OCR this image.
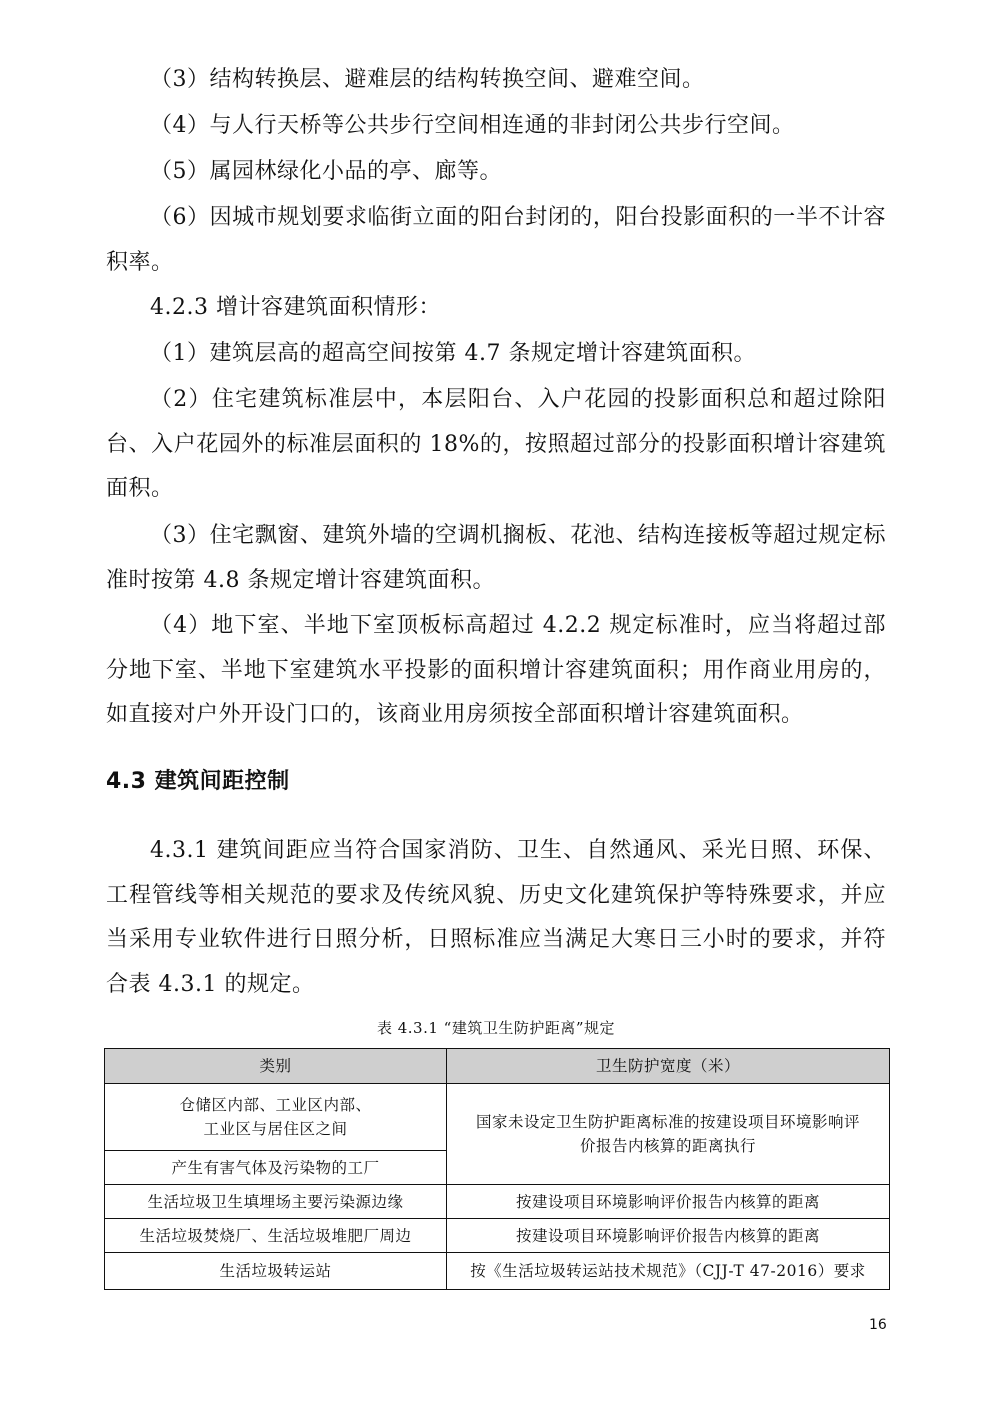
（3）结构转换层、避难层的结构转换空间、避难空间。

（4）与人行天桥等公共步行空间相连通的非封闭公共步行空间。

（5）属园林绿化小品的亭、廊等。

（6）因城市规划要求临街立面的阳台封闭的，阳台投影面积的一半不计容积率。

4.2.3 增计容建筑面积情形：

（1）建筑层高的超高空间按第 4.7 条规定增计容建筑面积。

（2）住宅建筑标准层中，本层阳台、入户花园的投影面积总和超过除阳台、入户花园外的标准层面积的 18%的，按照超过部分的投影面积增计容建筑面积。

（3）住宅飘窗、建筑外墙的空调机搁板、花池、结构连接板等超过规定标准时按第 4.8 条规定增计容建筑面积。

（4）地下室、半地下室顶板标高超过 4.2.2 规定标准时，应当将超过部分地下室、半地下室建筑水平投影的面积增计容建筑面积；用作商业用房的，如直接对户外开设门口的，该商业用房须按全部面积增计容建筑面积。

4.3 建筑间距控制

4.3.1 建筑间距应当符合国家消防、卫生、自然通风、采光日照、环保、工程管线等相关规范的要求及传统风貌、历史文化建筑保护等特殊要求，并应当采用专业软件进行日照分析，日照标准应当满足大寒日三小时的要求，并符合表 4.3.1 的规定。

表 4.3.1 “建筑卫生防护距离”规定

类别	卫生防护宽度（米）

仓储区内部、工业区内部、
工业区与居住区之间	国家未设定卫生防护距离标准的按建设项目环境影响评
价报告内核算的距离执行

产生有害气体及污染物的工厂	
生活垃圾卫生填埋场主要污染源边缘	按建设项目环境影响评价报告内核算的距离
生活垃圾焚烧厂、生活垃圾堆肥厂周边	按建设项目环境影响评价报告内核算的距离
生活垃圾转运站	按《生活垃圾转运站技术规范》（CJJ-T 47-2016）要求

16
